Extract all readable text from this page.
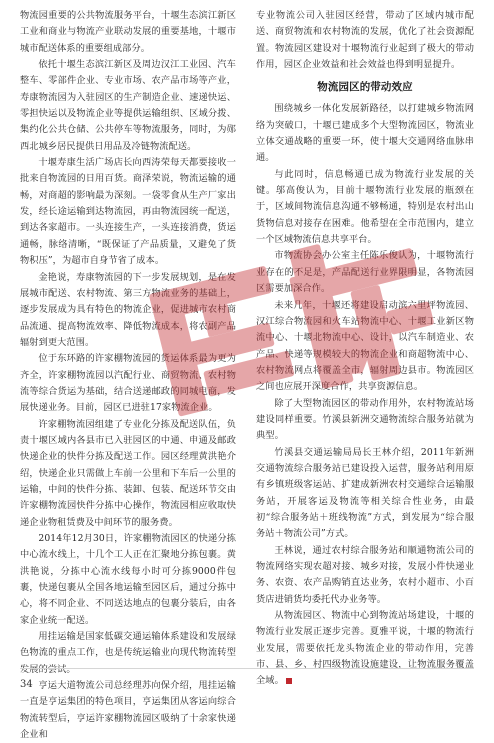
物流园重要的公共物流服务平台，十堰生态滨江新区工业和商业与物流产业联动发展的重要基地，十堰市城市配送体系的重要组成部分。

依托十堰生态滨江新区及周边汉江工业园、汽车整车、零部件企业、专业市场、农产品市场等产业，寿康物流园为入驻园区的生产制造企业、速递快运、零担快运以及物流企业等提供运输组织、区域分拨、集约化公共仓储、公共停车等物流服务，同时，为郧西北城乡居民提供日用品及冷链物流配送。

十堰寿康生活广场店长向西涛荣每天都要接收一批来自物流园的日用百货。商泽荣说，物流运输的通畅，对商超的影响最为深刻。一袋零食从生产厂家出发，经长途运输到达物流园，再由物流园统一配送，到达各家超市。一头连接生产，一头连接消费，货运通畅，脉络清晰，“既保证了产品质量，又避免了货物积压”，为超市自身节省了成本。

金艳说，寿康物流园的下一步发展规划，是在发展城市配送、农村物流、第三方物流业务的基础上，逐步发展成为具有特色的物流企业，促进城市农村商品流通、提高物流效率、降低物流成本，将农副产品辐射到更大范围。

位于东环路的许家棚物流园的货运体系最为更为齐全，许家棚物流园以汽配行业、商贸物流、农村物流等综合货运为基础，结合送递邮政的同城电商，发展快递业务。目前，园区已进驻17家物流企业。

许家棚物流园组建了专业化分拣及配送队伍，负责十堰区域内各县市已入驻园区的中通、申通及邮政快递企业的快件分拣及配送工作。园区经理黄洪艳介绍，快递企业只需做上车前一公里和下车后一公里的运输，中间的快件分拣、装卸、包装、配送环节交由许家棚物流园快件分拣中心操作，物流园相应收取快递企业物租赁费及中间环节的服务费。

2014年12月30日，许家棚物流园区的快递分拣中心流水线上，十几个工人正在汇聚地分拣包裹。黄洪艳说，分拣中心流水线每小时可分拣9000件包裹，快递包裹从全国各地运输至园区后，通过分拣中心，将不同企业、不同送达地点的包裹分装后，由各家企业统一配送。

用挂运输是国家低碳交通运输体系建设和发展绿色物流的重点工作，也是传统运输业向现代物流转型发展的尝试。

亨运大道物流公司总经理苏向保介绍，甩挂运输一直是亨运集团的特色项目，亨运集团从客运向综合物流转型后，亨运许家棚物流园区吸纳了十余家快递企业和

专业物流公司入驻园区经营，带动了区域内城市配送、商贸物流和农村物流的发展，优化了社会资源配置。物流园区建设对十堰物流行业起到了极大的带动作用，园区企业效益和社会效益也得到明显提升。

物流园区的带动效应

围绕城乡一体化发展新路径，以打建城乡物流网络为突破口，十堰已建成多个大型物流园区，物流业立体交通战略的重要一环，使十堰大交通网络血脉串通。

与此同时，信息畅通已成为物流行业发展的关键。邬高俊认为，目前十堰物流行业发展的瓶颈在于，区域间物流信息沟通不够畅通，特别是农村出山货物信息对接存在困难。他希望在全市范围内，建立一个区域物流信息共享平台。

市物流协会办公室主任陈乐俊认为，十堰物流行业存在的不足是，产品配送行业界限明显，各物流园区需要加深合作。

未来几年，十堰还将建设启动滨六里坪物流园、汉江综合物流园和火车站物流中心、十堰工业新区物流中心、十堰北物流中心、设计，以汽车制造业、农产品、快递等规模较大的物流企业和商超物流中心、农村物流网点将覆盖全市，辐射周边县市。物流园区之间也应展开深度合作，共享资源信息。

除了大型物流园区的带动作用外，农村物流站场建设同样重要。竹溪县新洲交通物流综合服务站就为典型。

竹溪县交通运输局局长王林介绍，2011年新洲交通物流综合服务站已建设投入运营，服务站利用原有乡镇班级客运站、扩建成新洲农村交通综合运输服务站，开展客运及物流等相关综合性业务，由最初“综合服务站＋班线物流”方式，到发展为“综合服务站＋物流公司”方式。

王林说，通过农村综合服务站和顺通物流公司的物流网络实现农超对接、城乡对接，发展小件快递业务、农资、农产品购销直达业务，农村小超市、小百货店进销货均委托代办业务等。

从物流园区、物流中心到物流站场建设，十堰的物流行业发展正逐步完善。夏雅平说，十堰的物流行业发展，需要依托龙头物流企业的带动作用，完善市、县、乡、村四级物流设施建设，让物流服务覆盖全域。

34
